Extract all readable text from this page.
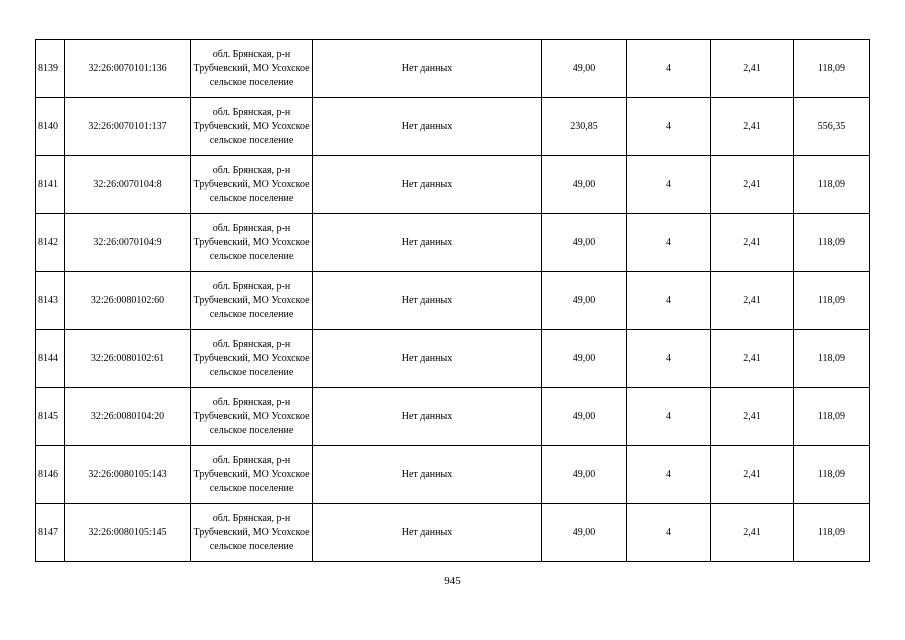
8139	32:26:0070101:136	обл. Брянская, р-н Трубчевский, МО Усохское сельское поселение	Нет данных	49,00	4	2,41	118,09
8140	32:26:0070101:137	обл. Брянская, р-н Трубчевский, МО Усохское сельское поселение	Нет данных	230,85	4	2,41	556,35
8141	32:26:0070104:8	обл. Брянская, р-н Трубчевский, МО Усохское сельское поселение	Нет данных	49,00	4	2,41	118,09
8142	32:26:0070104:9	обл. Брянская, р-н Трубчевский, МО Усохское сельское поселение	Нет данных	49,00	4	2,41	118,09
8143	32:26:0080102:60	обл. Брянская, р-н Трубчевский, МО Усохское сельское поселение	Нет данных	49,00	4	2,41	118,09
8144	32:26:0080102:61	обл. Брянская, р-н Трубчевский, МО Усохское сельское поселение	Нет данных	49,00	4	2,41	118,09
8145	32:26:0080104:20	обл. Брянская, р-н Трубчевский, МО Усохское сельское поселение	Нет данных	49,00	4	2,41	118,09
8146	32:26:0080105:143	обл. Брянская, р-н Трубчевский, МО Усохское сельское поселение	Нет данных	49,00	4	2,41	118,09
8147	32:26:0080105:145	обл. Брянская, р-н Трубчевский, МО Усохское сельское поселение	Нет данных	49,00	4	2,41	118,09
945
